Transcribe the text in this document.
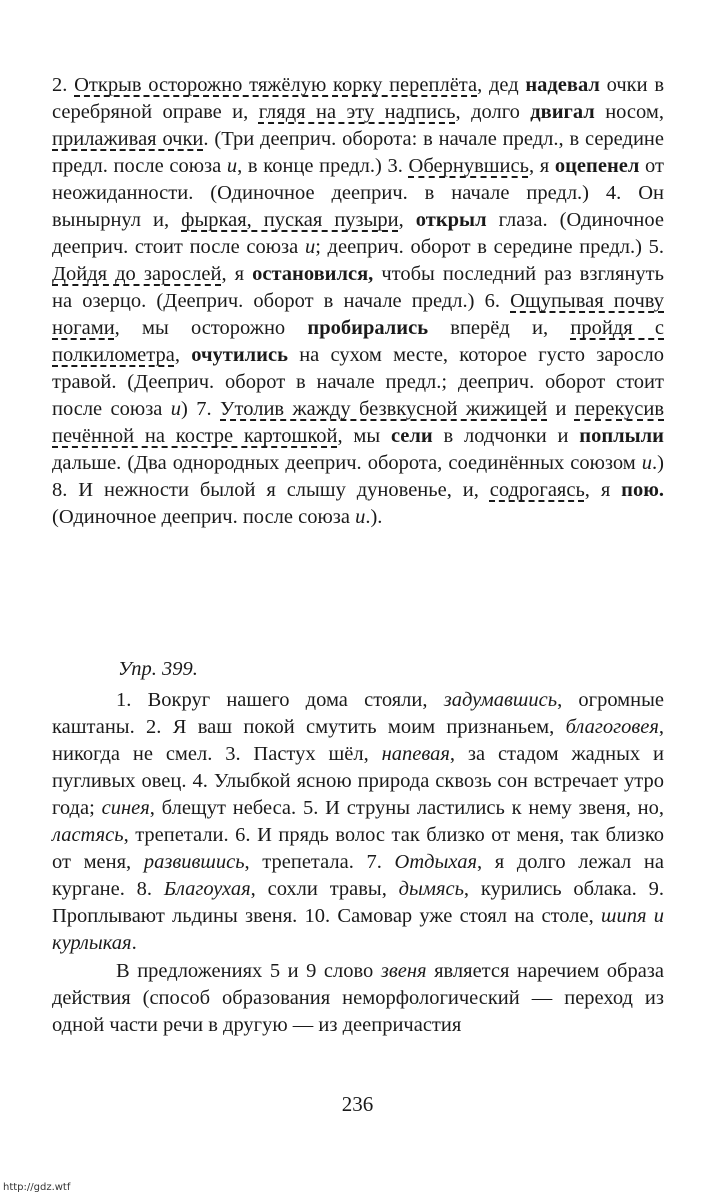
2. Открыв осторожно тяжёлую корку переплёта, дед надевал очки в серебряной оправе и, глядя на эту надпись, долго двигал носом, прилаживая очки. (Три дееприч. оборота: в начале предл., в середине предл. после союза и, в конце предл.) 3. Обернувшись, я оцепенел от неожиданности. (Одиночное дееприч. в начале предл.) 4. Он вынырнул и, фыркая, пуская пузыри, открыл глаза. (Одиночное дееприч. стоит после союза и; дееприч. оборот в середине предл.) 5. Дойдя до зарослей, я остановился, чтобы последний раз взглянуть на озерцо. (Дееприч. оборот в начале предл.) 6. Ощупывая почву ногами, мы осторожно пробирались вперёд и, пройдя с полкилометра, очутились на сухом месте, которое густо заросло травой. (Дееприч. оборот в начале предл.; дееприч. оборот стоит после союза и) 7. Утолив жажду безвкусной жижицей и перекусив печённой на костре картошкой, мы сели в лодчонки и поплыли дальше. (Два однородных дееприч. оборота, соединённых союзом и.) 8. И нежности былой я слышу дуновенье, и, содрогаясь, я пою. (Одиночное дееприч. после союза и.).
Упр. 399.
1. Вокруг нашего дома стояли, задумавшись, огромные каштаны. 2. Я ваш покой смутить моим признаньем, благоговея, никогда не смел. 3. Пастух шёл, напевая, за стадом жадных и пугливых овец. 4. Улыбкой ясною природа сквозь сон встречает утро года; синея, блещут небеса. 5. И струны ластились к нему звеня, но, ластясь, трепетали. 6. И прядь волос так близко от меня, так близко от меня, развившись, трепетала. 7. Отдыхая, я долго лежал на кургане. 8. Благоухая, сохли травы, дымясь, курились облака. 9. Проплывают льдины звеня. 10. Самовар уже стоял на столе, шипя и курлыкая.
В предложениях 5 и 9 слово звеня является наречием образа действия (способ образования неморфологический — переход из одной части речи в другую — из деепричастия
236
http://gdz.wtf
